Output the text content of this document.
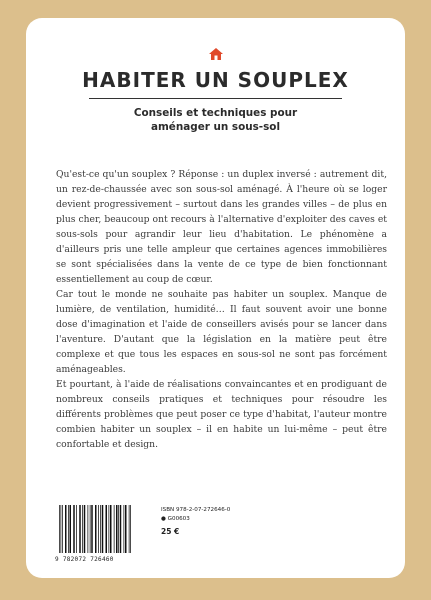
HABITER UN SOUPLEX
Conseils et techniques pour
aménager un sous-sol

Qu'est-ce qu'un souplex ? Réponse : un duplex inversé : autrement dit, un rez-de-chaussée avec son sous-sol aménagé. À l'heure où se loger devient progressivement – surtout dans les grandes villes – de plus en plus cher, beaucoup ont recours à l'alternative d'exploiter des caves et sous-sols pour agrandir leur lieu d'habitation. Le phénomène a d'ailleurs pris une telle ampleur que certaines agences immobilières se sont spécialisées dans la vente de ce type de bien fonctionnant essentiellement au coup de cœur.

Car tout le monde ne souhaite pas habiter un souplex. Manque de lumière, de ventilation, humidité… Il faut souvent avoir une bonne dose d'imagination et l'aide de conseillers avisés pour se lancer dans l'aventure. D'autant que la législation en la matière peut être complexe et que tous les espaces en sous-sol ne sont pas forcément aménageables.

Et pourtant, à l'aide de réalisations convaincantes et en prodiguant de nombreux conseils pratiques et techniques pour résoudre les différents problèmes que peut poser ce type d'habitat, l'auteur montre combien habiter un souplex – il en habite un lui-même – peut être confortable et design.

9 782072 726460
ISBN 978-2-07-272646-0
● G00603
25 €
